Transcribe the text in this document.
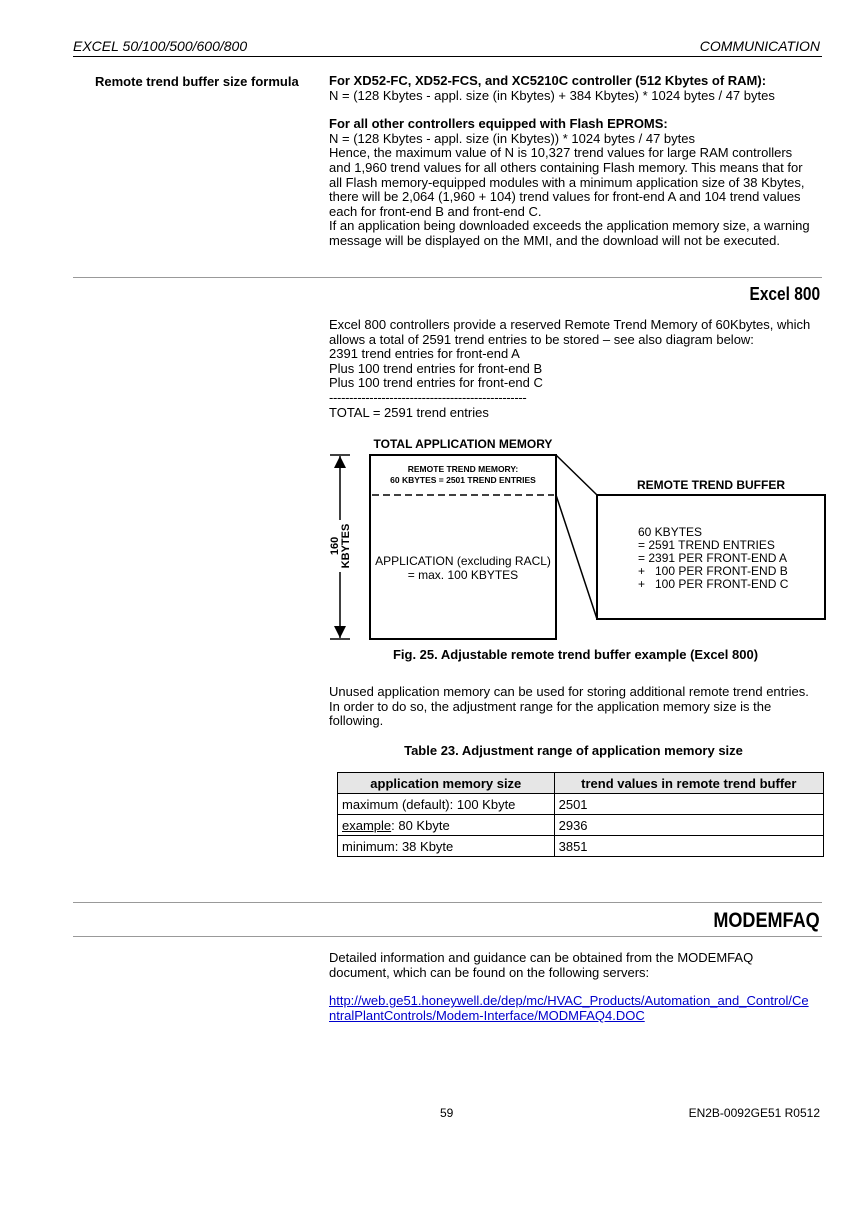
EXCEL 50/100/500/600/800	COMMUNICATION
Remote trend buffer size formula For XD52-FC, XD52-FCS, and XC5210C controller (512 Kbytes of RAM):

N = (128 Kbytes - appl. size (in Kbytes) + 384 Kbytes) * 1024 bytes / 47 bytes

For all other controllers equipped with Flash EPROMS:

N = (128 Kbytes - appl. size (in Kbytes)) * 1024 bytes / 47 bytes

Hence, the maximum value of N is 10,327 trend values for large RAM controllers

and 1,960 trend values for all others containing Flash memory. This means that for

all Flash memory-equipped modules with a minimum application size of 38 Kbytes,

there will be 2,064 (1,960 + 104) trend values for front-end A and 104 trend values

each for front-end B and front-end C.

If an application being downloaded exceeds the application memory size, a warning

message will be displayed on the MMI, and the download will not be executed.

Excel 800

Excel 800 controllers provide a reserved Remote Trend Memory of 60Kbytes, which

allows a total of 2591 trend entries to be stored – see also diagram below:

2391 trend entries for front-end A

Plus 100 trend entries for front-end B

Plus 100 trend entries for front-end C

-------------------------------------------------

TOTAL = 2591 trend entries

TOTAL APPLICATION MEMORY
160 KBYTES
REMOTE TREND MEMORY:
60 KBYTES = 2501 TREND ENTRIES
APPLICATION (excluding RACL)
= max. 100 KBYTES
REMOTE TREND BUFFER
60 KBYTES
= 2591 TREND ENTRIES
= 2391 PER FRONT-END A
+   100 PER FRONT-END B
+   100 PER FRONT-END C
Fig. 25. Adjustable remote trend buffer example (Excel 800)

Unused application memory can be used for storing additional remote trend entries.

In order to do so, the adjustment range for the application memory size is the

following.

Table 23. Adjustment range of application memory size
application memory size	trend values in remote trend buffer
maximum (default): 100 Kbyte	2501
example: 80 Kbyte	2936
minimum: 38 Kbyte	3851
MODEMFAQ

Detailed information and guidance can be obtained from the MODEMFAQ

document, which can be found on the following servers:

http://web.ge51.honeywell.de/dep/mc/HVAC_Products/Automation_and_Control/Ce

ntralPlantControls/Modem-Interface/MODMFAQ4.DOC

59	EN2B-0092GE51 R0512
